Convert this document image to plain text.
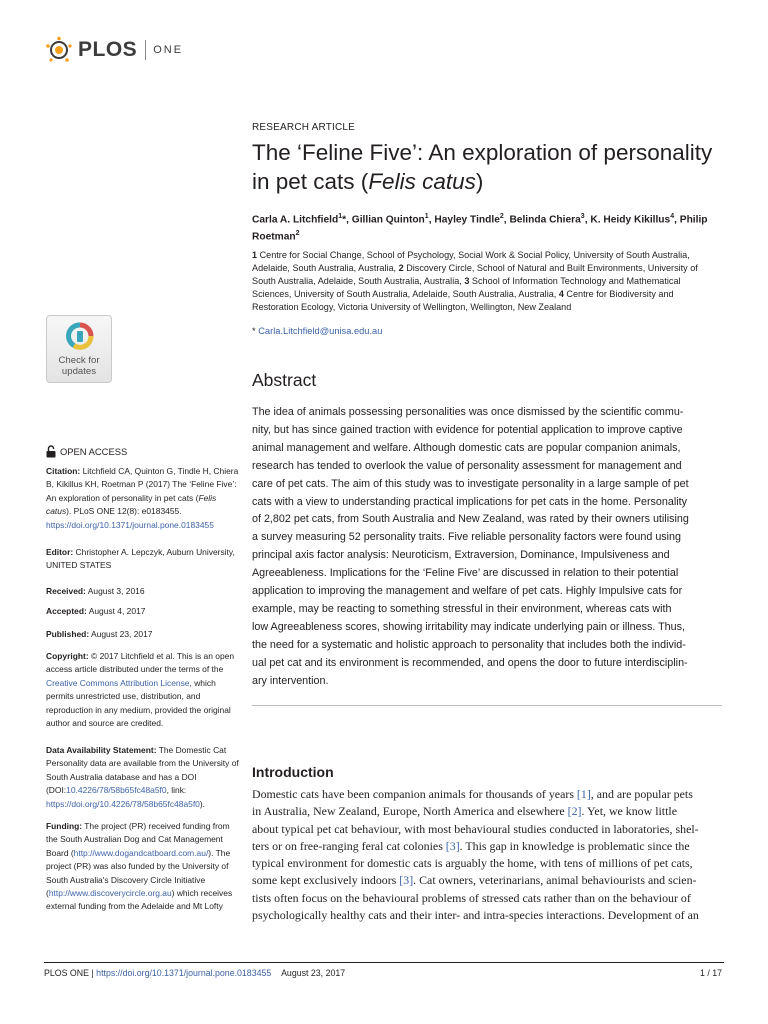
PLOS ONE
RESEARCH ARTICLE
The ‘Feline Five’: An exploration of personality
in pet cats (Felis catus)
Carla A. Litchfield$^1$*, Gillian Quinton$^1$, Hayley Tindle$^2$, Belinda Chiera$^3$, K. Heidy Kikillus$^4$, Philip Roetman$^2$
1 Centre for Social Change, School of Psychology, Social Work & Social Policy, University of South Australia, Adelaide, South Australia, Australia, 2 Discovery Circle, School of Natural and Built Environments, University of South Australia, Adelaide, South Australia, Australia, 3 School of Information Technology and Mathematical Sciences, University of South Australia, Adelaide, South Australia, Australia, 4 Centre for Biodiversity and Restoration Ecology, Victoria University of Wellington, Wellington, New Zealand
* Carla.Litchfield@unisa.edu.au
Abstract
The idea of animals possessing personalities was once dismissed by the scientific commu-
nity, but has since gained traction with evidence for potential application to improve captive
animal management and welfare. Although domestic cats are popular companion animals,
research has tended to overlook the value of personality assessment for management and
care of pet cats. The aim of this study was to investigate personality in a large sample of pet
cats with a view to understanding practical implications for pet cats in the home. Personality
of 2,802 pet cats, from South Australia and New Zealand, was rated by their owners utilising
a survey measuring 52 personality traits. Five reliable personality factors were found using
principal axis factor analysis: Neuroticism, Extraversion, Dominance, Impulsiveness and
Agreeableness. Implications for the ‘Feline Five’ are discussed in relation to their potential
application to improving the management and welfare of pet cats. Highly Impulsive cats for
example, may be reacting to something stressful in their environment, whereas cats with
low Agreeableness scores, showing irritability may indicate underlying pain or illness. Thus,
the need for a systematic and holistic approach to personality that includes both the individ-
ual pet cat and its environment is recommended, and opens the door to future interdisciplin-
ary intervention.
Introduction
Domestic cats have been companion animals for thousands of years [1], and are popular pets
in Australia, New Zealand, Europe, North America and elsewhere [2]. Yet, we know little
about typical pet cat behaviour, with most behavioural studies conducted in laboratories, shel-
ters or on free-ranging feral cat colonies [3]. This gap in knowledge is problematic since the
typical environment for domestic cats is arguably the home, with tens of millions of pet cats,
some kept exclusively indoors [3]. Cat owners, veterinarians, animal behaviourists and scien-
tists often focus on the behavioural problems of stressed cats rather than on the behaviour of
psychologically healthy cats and their inter- and intra-species interactions. Development of an
Check for
updates
OPEN ACCESS
Citation: Litchfield CA, Quinton G, Tindle H, Chiera B, Kikillus KH, Roetman P (2017) The ‘Feline Five’: An exploration of personality in pet cats (Felis catus). PLoS ONE 12(8): e0183455. https://doi.org/10.1371/journal.pone.0183455
Editor: Christopher A. Lepczyk, Auburn University, UNITED STATES
Received: August 3, 2016
Accepted: August 4, 2017
Published: August 23, 2017
Copyright: © 2017 Litchfield et al. This is an open access article distributed under the terms of the Creative Commons Attribution License, which permits unrestricted use, distribution, and reproduction in any medium, provided the original author and source are credited.
Data Availability Statement: The Domestic Cat Personality data are available from the University of South Australia database and has a DOI (DOI:10.4226/78/58b65fc48a5f0, link: https://doi.org/10.4226/78/58b65fc48a5f0).
Funding: The project (PR) received funding from the South Australian Dog and Cat Management Board (http://www.dogandcatboard.com.au/). The project (PR) was also funded by the University of South Australia's Discovery Circle Initiative (http://www.discoverycircle.org.au) which receives external funding from the Adelaide and Mt Lofty
PLOS ONE | https://doi.org/10.1371/journal.pone.0183455 August 23, 2017	1 / 17
